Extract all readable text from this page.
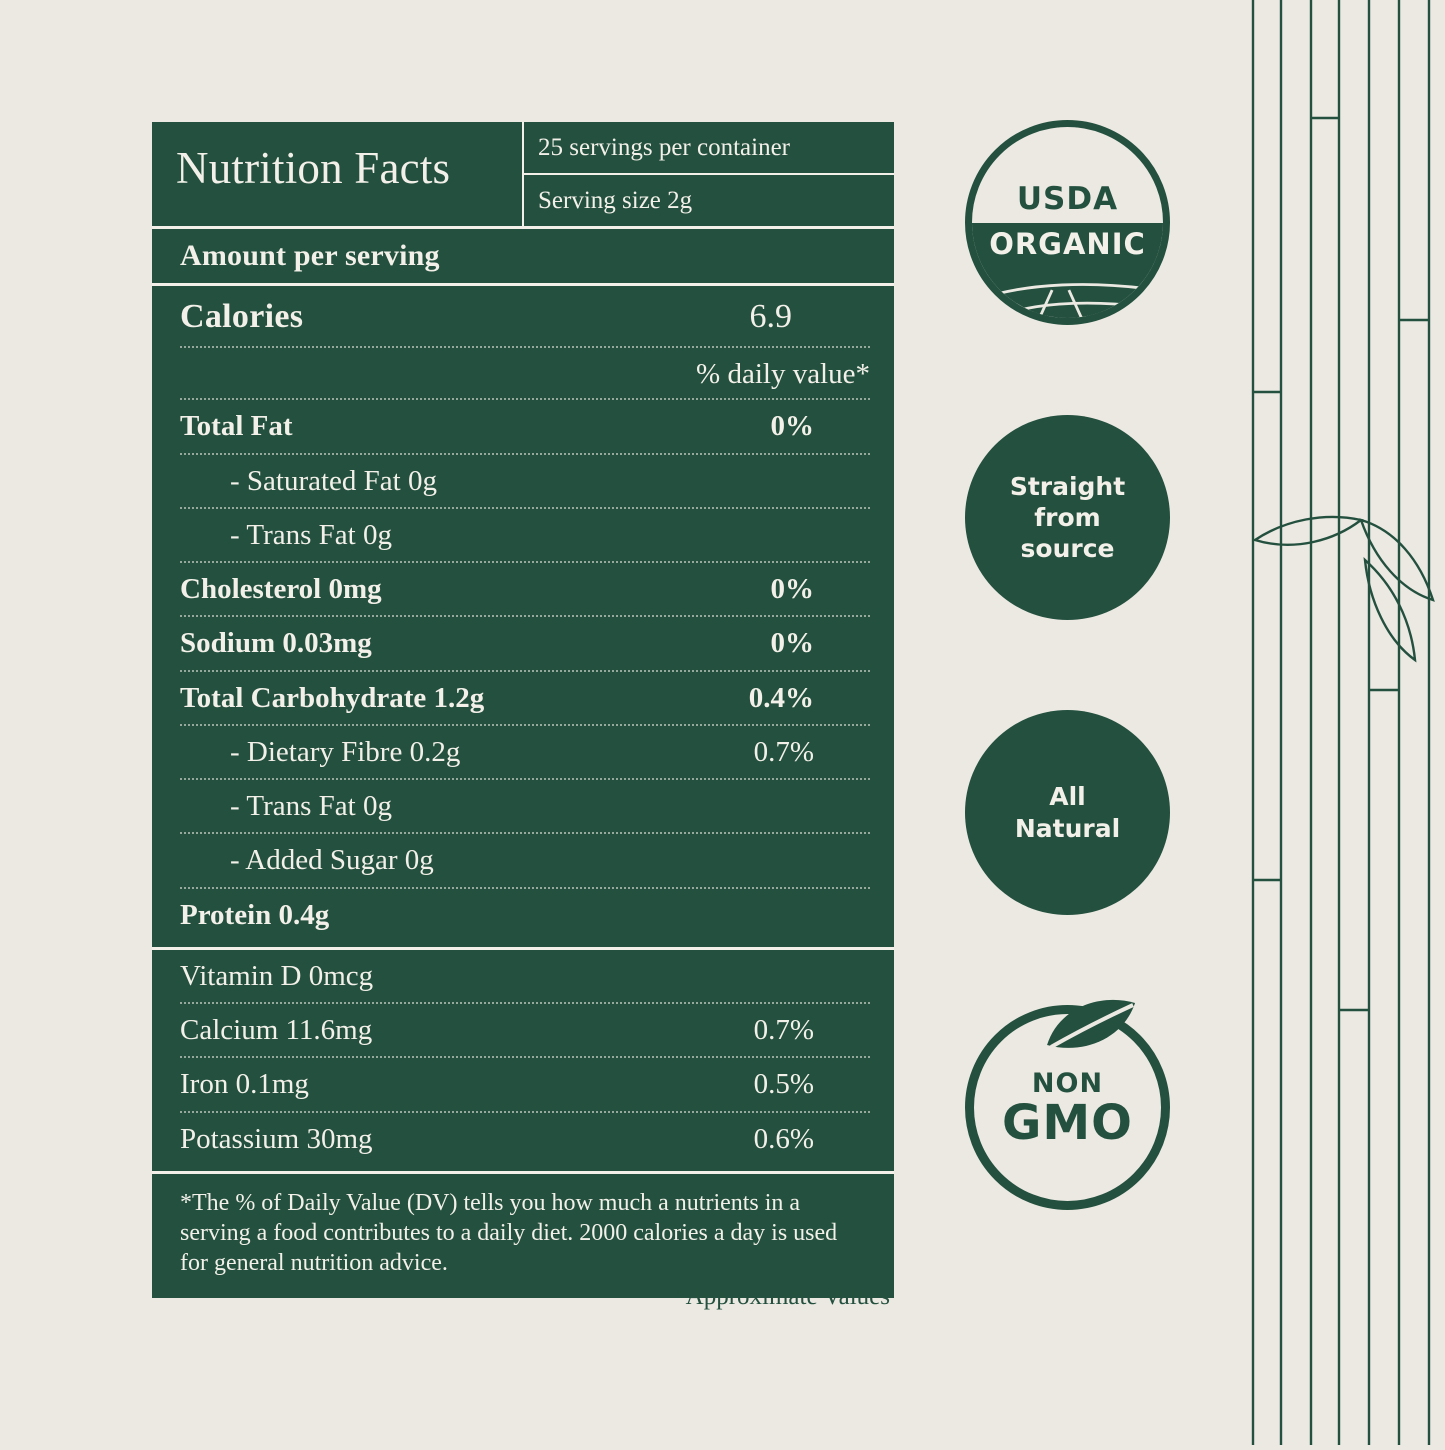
Nutrition Facts	25 servings per container
Serving size 2g
Amount per serving
Calories	6.9
% daily value*
Total Fat	0%
- Saturated Fat 0g
- Trans Fat 0g
Cholesterol 0mg	0%
Sodium 0.03mg	0%
Total Carbohydrate 1.2g	0.4%
- Dietary Fibre 0.2g	0.7%
- Trans Fat 0g
- Added Sugar 0g
Protein 0.4g
Vitamin D 0mcg
Calcium 11.6mg	0.7%
Iron 0.1mg	0.5%
Potassium 30mg	0.6%
*The % of Daily Value (DV) tells you how much a nutrients in a serving a food contributes to a daily diet. 2000 calories a day is used for general nutrition advice.
*Approximate Values
USDA
ORGANIC
Straight
from
source
All
Natural
NON
GMO
